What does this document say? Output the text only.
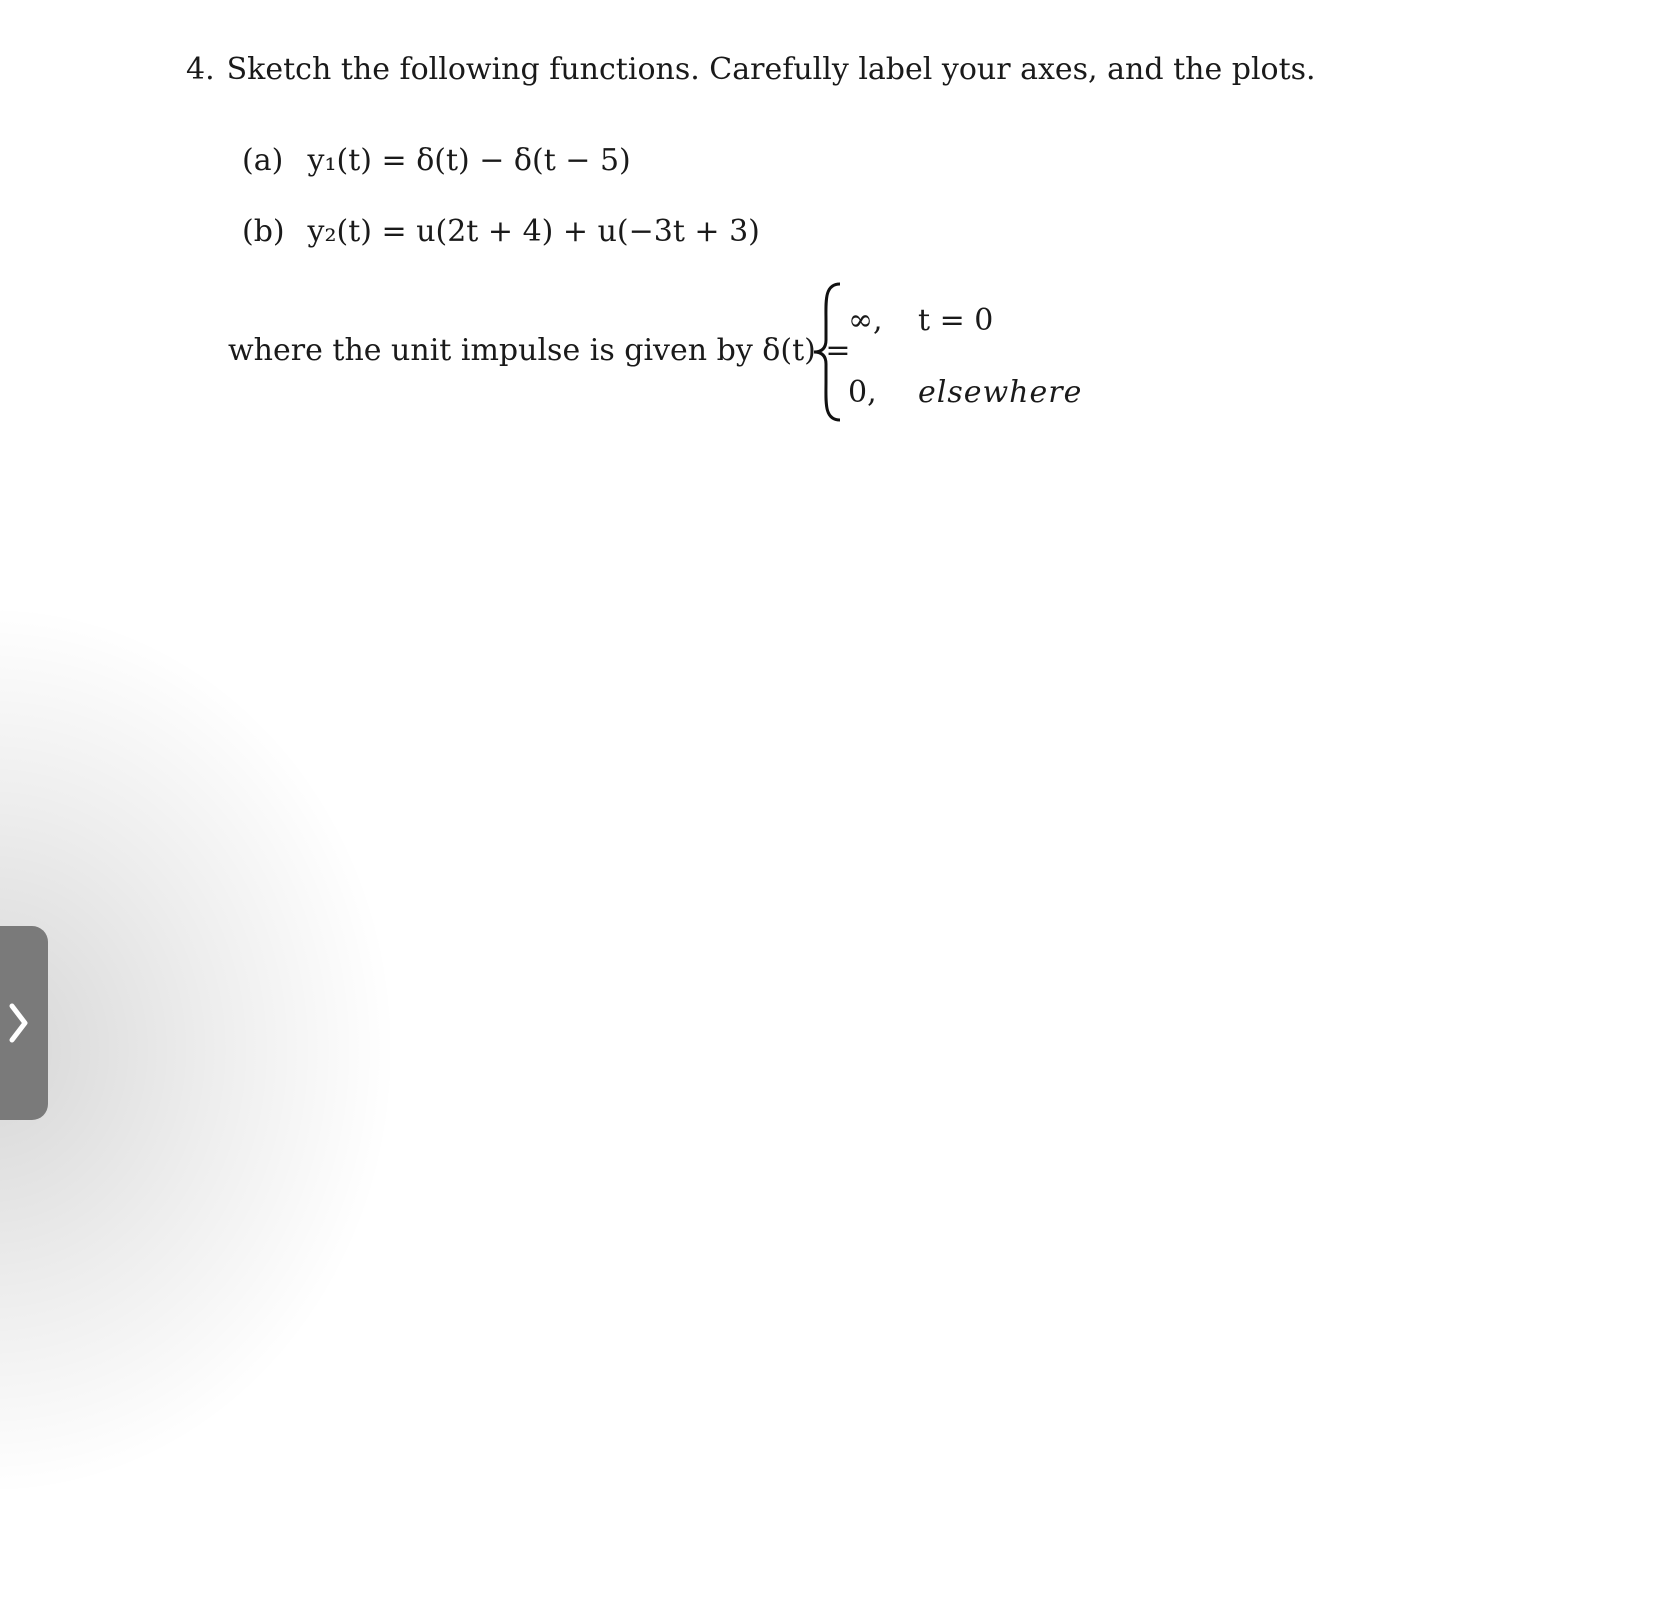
4. Sketch the following functions. Carefully label your axes, and the plots.
(a) y₁(t) = δ(t) − δ(t − 5)
(b) y₂(t) = u(2t + 4) + u(−3t + 3)
where the unit impulse is given by δ(t) =
∞, t = 0
0, elsewhere
